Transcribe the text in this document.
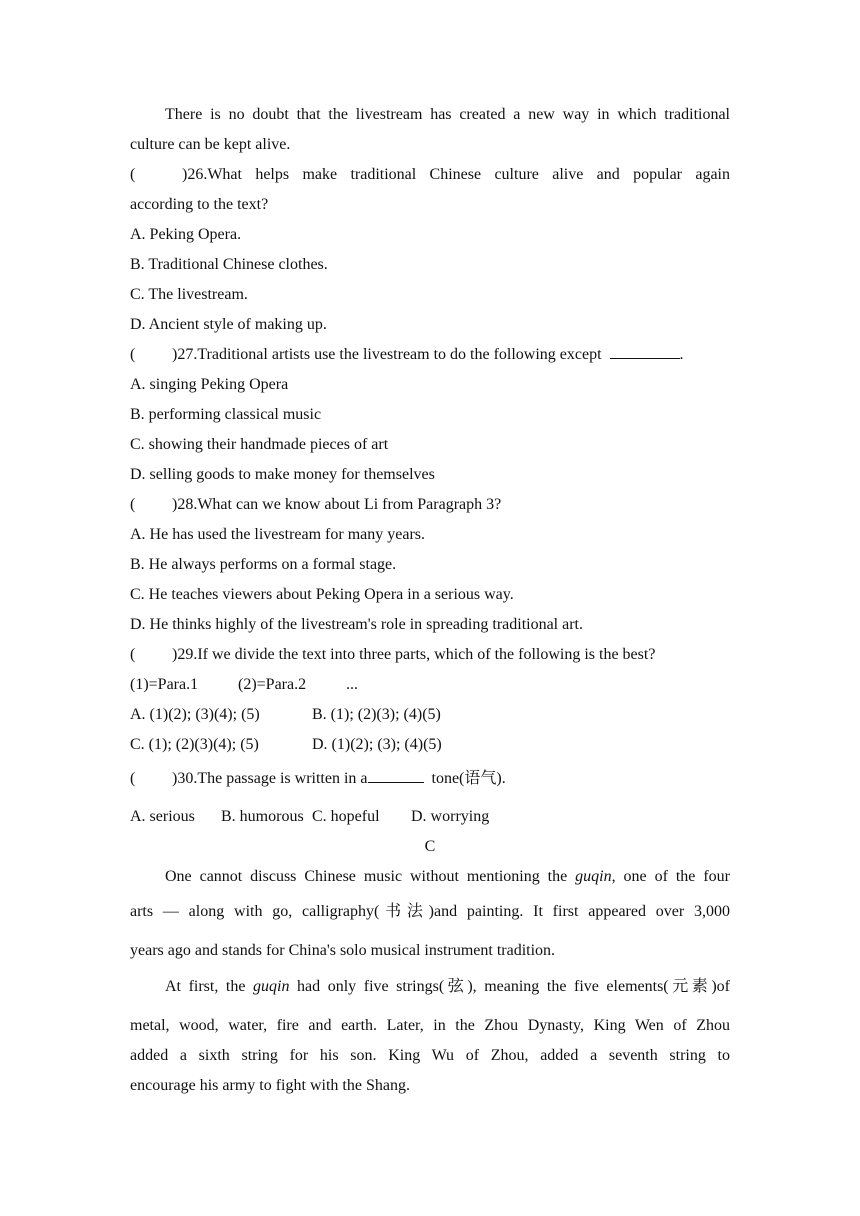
There is no doubt that the livestream has created a new way in which traditional
culture can be kept alive.
(	)26.What helps make traditional Chinese culture alive and popular again
according to the text?
A. Peking Opera.
B. Traditional Chinese clothes.
C. The livestream.
D. Ancient style of making up.
( )27.Traditional artists use the livestream to do the following except	.
A. singing Peking Opera
B. performing classical music
C. showing their handmade pieces of art
D. selling goods to make money for themselves
( )28.What can we know about Li from Paragraph 3?
A. He has used the livestream for many years.
B. He always performs on a formal stage.
C. He teaches viewers about Peking Opera in a serious way.
D. He thinks highly of the livestream's role in spreading traditional art.
( )29.If we divide the text into three parts, which of the following is the best?
(1)=Para.1 (2)=Para.2 ...
A. (1)(2); (3)(4); (5)	B. (1); (2)(3); (4)(5)
C. (1); (2)(3)(4); (5)	D. (1)(2); (3); (4)(5)
( )30.The passage is written in a	tone(语气).
A. serious B. humorous C. hopeful D. worrying
C
One cannot discuss Chinese music without mentioning the guqin, one of the four
arts — along with go, calligraphy(书法)and painting. It first appeared over 3,000
years ago and stands for China's solo musical instrument tradition.
At first, the guqin had only five strings(弦), meaning the five elements(元素)of
metal, wood, water, fire and earth. Later, in the Zhou Dynasty, King Wen of Zhou
added a sixth string for his son. King Wu of Zhou, added a seventh string to
encourage his army to fight with the Shang.
